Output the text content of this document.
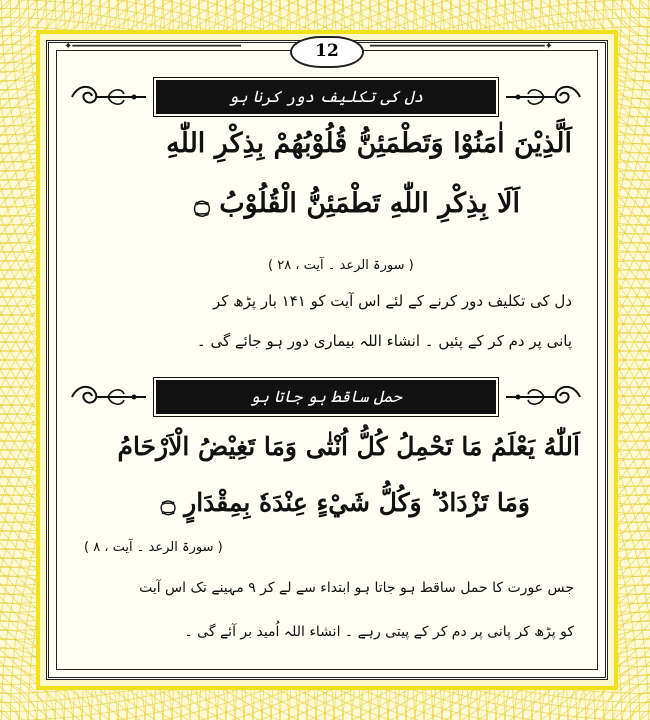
✦━━━━━━━━━━━━━━━━━━━━━━━━━━━━	━━━━━━━━━━━━━━━━━━━━━━━━━━━━━✦
12
دل کی تکلیف دور کرنا ہو
اَلَّذِیْنَ اٰمَنُوْا وَتَطْمَئِنُّ قُلُوْبُهُمْ بِذِكْرِ اللّٰهِ
اَلَا بِذِكْرِ اللّٰهِ تَطْمَئِنُّ الْقُلُوْبُ ۝
( سورۃ الرعد ۔ آیت ، ۲۸ )
دل کی تکلیف دور کرنے کے لئے اس آیت کو ۱۴۱ بار پڑھ کر
پانی پر دم کر کے پئیں ۔ انشاء اللہ بیماری دور ہو جائے گی ۔
حمل ساقط ہو جاتا ہو
اَللّٰهُ يَعْلَمُ مَا تَحْمِلُ كُلُّ اُنْثٰى وَمَا تَغِيْضُ الْاَرْحَامُ
وَمَا تَزْدَادُ ؕ وَكُلُّ شَيْءٍ عِنْدَهٗ بِمِقْدَارٍ ۝
( سورۃ الرعد ۔ آیت ، ۸ )
جس عورت کا حمل ساقط ہو جاتا ہو ابتداء سے لے کر ۹ مہینے تک اس آیت
کو پڑھ کر پانی پر دم کر کے پیتی رہے ۔ انشاء اللہ اُمید بر آئے گی ۔
